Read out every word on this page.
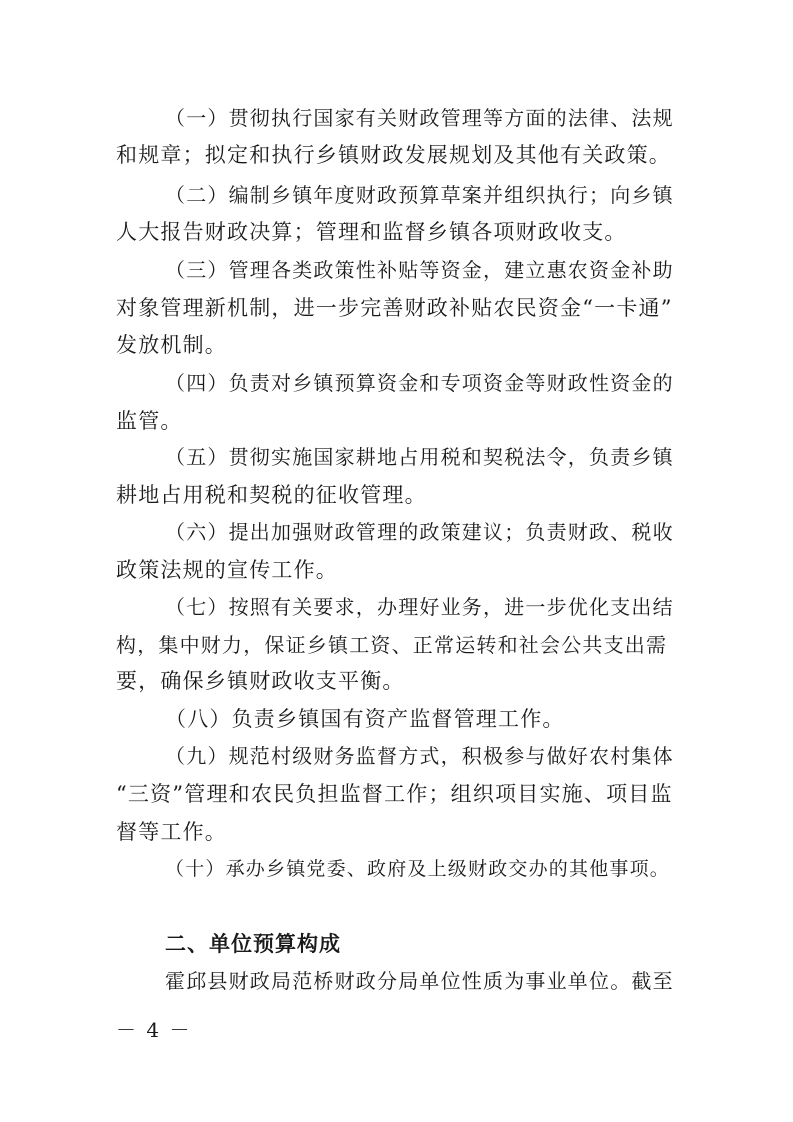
（一）贯彻执行国家有关财政管理等方面的法律、法规
和规章；拟定和执行乡镇财政发展规划及其他有关政策。
（二）编制乡镇年度财政预算草案并组织执行；向乡镇
人大报告财政决算；管理和监督乡镇各项财政收支。
（三）管理各类政策性补贴等资金，建立惠农资金补助
对象管理新机制，进一步完善财政补贴农民资金“一卡通”
发放机制。
（四）负责对乡镇预算资金和专项资金等财政性资金的
监管。
（五）贯彻实施国家耕地占用税和契税法令，负责乡镇
耕地占用税和契税的征收管理。
（六）提出加强财政管理的政策建议；负责财政、税收
政策法规的宣传工作。
（七）按照有关要求，办理好业务，进一步优化支出结
构，集中财力，保证乡镇工资、正常运转和社会公共支出需
要，确保乡镇财政收支平衡。
（八）负责乡镇国有资产监督管理工作。
（九）规范村级财务监督方式，积极参与做好农村集体
“三资”管理和农民负担监督工作；组织项目实施、项目监
督等工作。
（十）承办乡镇党委、政府及上级财政交办的其他事项。
二、单位预算构成
霍邱县财政局范桥财政分局单位性质为事业单位。截至
－ 4 －
